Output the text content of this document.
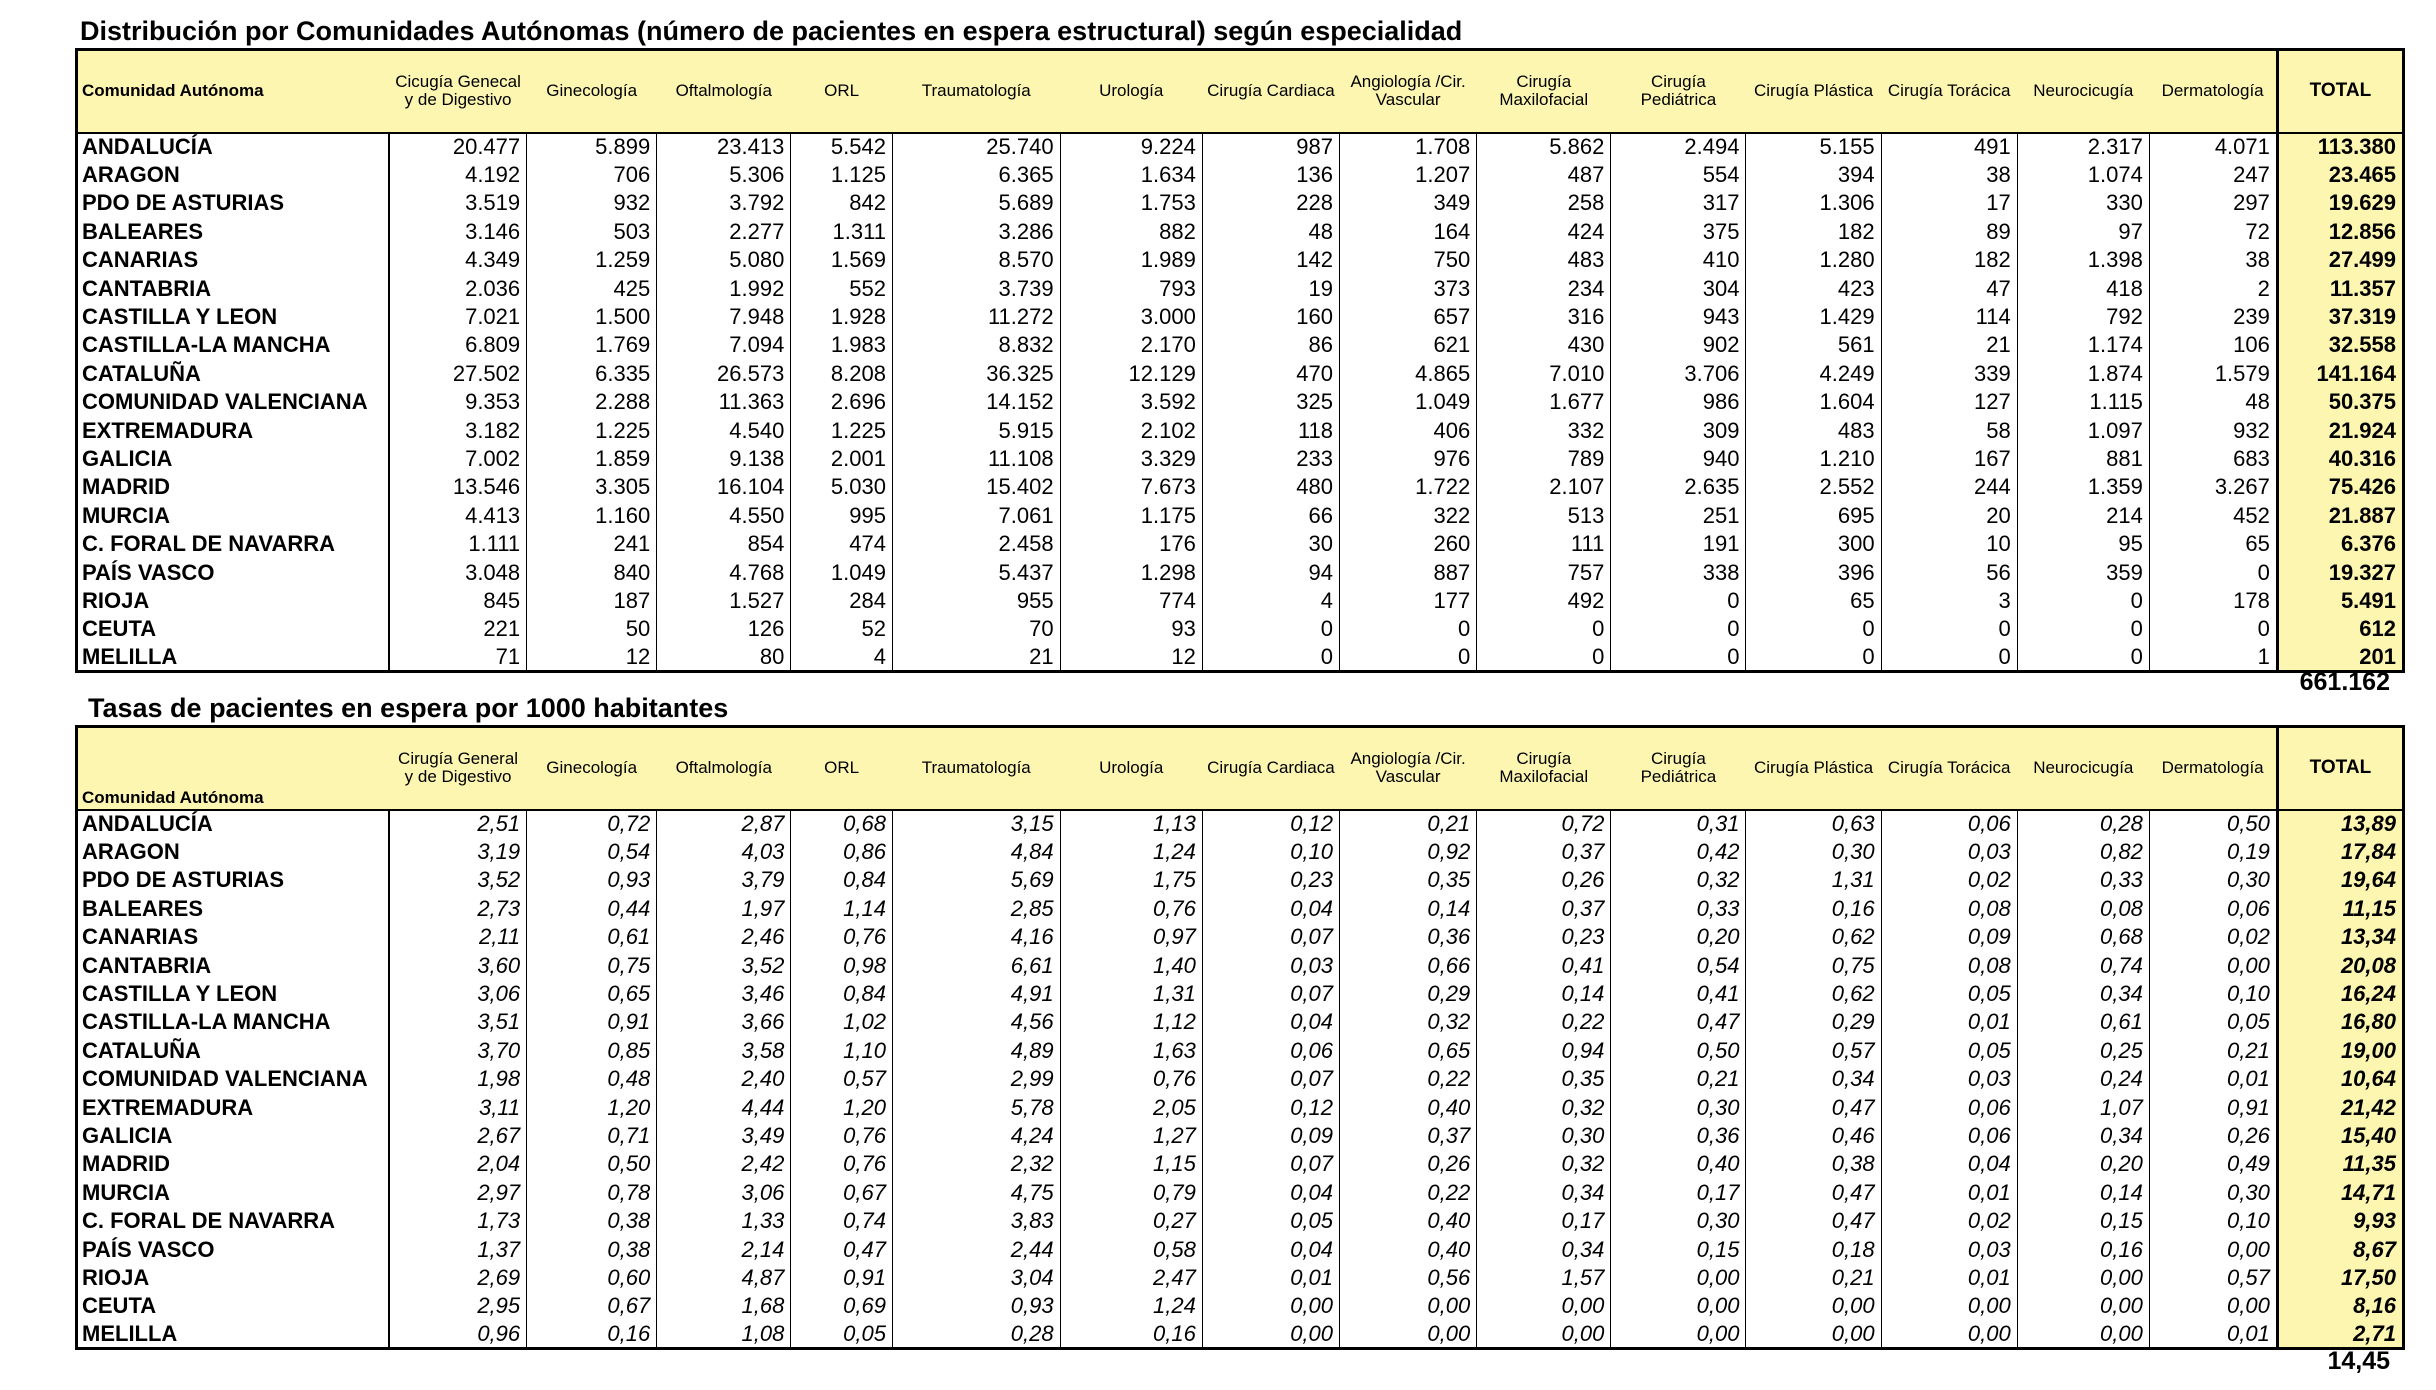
Distribución por Comunidades Autónomas (número de pacientes en espera estructural) según especialidad
Comunidad Autónoma	Cicugía Genecal y de Digestivo	Ginecología	Oftalmología	ORL	Traumatología	Urología	Cirugía Cardiaca	Angiología /Cir. Vascular	Cirugía Maxilofacial	Cirugía Pediátrica	Cirugía Plástica	Cirugía Torácica	Neurocicugía	Dermatología	TOTAL
ANDALUCÍA	20.477	5.899	23.413	5.542	25.740	9.224	987	1.708	5.862	2.494	5.155	491	2.317	4.071	113.380
ARAGON	4.192	706	5.306	1.125	6.365	1.634	136	1.207	487	554	394	38	1.074	247	23.465
PDO DE ASTURIAS	3.519	932	3.792	842	5.689	1.753	228	349	258	317	1.306	17	330	297	19.629
BALEARES	3.146	503	2.277	1.311	3.286	882	48	164	424	375	182	89	97	72	12.856
CANARIAS	4.349	1.259	5.080	1.569	8.570	1.989	142	750	483	410	1.280	182	1.398	38	27.499
CANTABRIA	2.036	425	1.992	552	3.739	793	19	373	234	304	423	47	418	2	11.357
CASTILLA Y LEON	7.021	1.500	7.948	1.928	11.272	3.000	160	657	316	943	1.429	114	792	239	37.319
CASTILLA-LA MANCHA	6.809	1.769	7.094	1.983	8.832	2.170	86	621	430	902	561	21	1.174	106	32.558
CATALUÑA	27.502	6.335	26.573	8.208	36.325	12.129	470	4.865	7.010	3.706	4.249	339	1.874	1.579	141.164
COMUNIDAD VALENCIANA	9.353	2.288	11.363	2.696	14.152	3.592	325	1.049	1.677	986	1.604	127	1.115	48	50.375
EXTREMADURA	3.182	1.225	4.540	1.225	5.915	2.102	118	406	332	309	483	58	1.097	932	21.924
GALICIA	7.002	1.859	9.138	2.001	11.108	3.329	233	976	789	940	1.210	167	881	683	40.316
MADRID	13.546	3.305	16.104	5.030	15.402	7.673	480	1.722	2.107	2.635	2.552	244	1.359	3.267	75.426
MURCIA	4.413	1.160	4.550	995	7.061	1.175	66	322	513	251	695	20	214	452	21.887
C. FORAL DE NAVARRA	1.111	241	854	474	2.458	176	30	260	111	191	300	10	95	65	6.376
PAÍS VASCO	3.048	840	4.768	1.049	5.437	1.298	94	887	757	338	396	56	359	0	19.327
RIOJA	845	187	1.527	284	955	774	4	177	492	0	65	3	0	178	5.491
CEUTA	221	50	126	52	70	93	0	0	0	0	0	0	0	0	612
MELILLA	71	12	80	4	21	12	0	0	0	0	0	0	0	1	201
661.162
Tasas de pacientes en espera por 1000 habitantes
Comunidad Autónoma	Cirugía General y de Digestivo	Ginecología	Oftalmología	ORL	Traumatología	Urología	Cirugía Cardiaca	Angiología /Cir. Vascular	Cirugía Maxilofacial	Cirugía Pediátrica	Cirugía Plástica	Cirugía Torácica	Neurocicugía	Dermatología	TOTAL
ANDALUCÍA	2,51	0,72	2,87	0,68	3,15	1,13	0,12	0,21	0,72	0,31	0,63	0,06	0,28	0,50	13,89
ARAGON	3,19	0,54	4,03	0,86	4,84	1,24	0,10	0,92	0,37	0,42	0,30	0,03	0,82	0,19	17,84
PDO DE ASTURIAS	3,52	0,93	3,79	0,84	5,69	1,75	0,23	0,35	0,26	0,32	1,31	0,02	0,33	0,30	19,64
BALEARES	2,73	0,44	1,97	1,14	2,85	0,76	0,04	0,14	0,37	0,33	0,16	0,08	0,08	0,06	11,15
CANARIAS	2,11	0,61	2,46	0,76	4,16	0,97	0,07	0,36	0,23	0,20	0,62	0,09	0,68	0,02	13,34
CANTABRIA	3,60	0,75	3,52	0,98	6,61	1,40	0,03	0,66	0,41	0,54	0,75	0,08	0,74	0,00	20,08
CASTILLA Y LEON	3,06	0,65	3,46	0,84	4,91	1,31	0,07	0,29	0,14	0,41	0,62	0,05	0,34	0,10	16,24
CASTILLA-LA MANCHA	3,51	0,91	3,66	1,02	4,56	1,12	0,04	0,32	0,22	0,47	0,29	0,01	0,61	0,05	16,80
CATALUÑA	3,70	0,85	3,58	1,10	4,89	1,63	0,06	0,65	0,94	0,50	0,57	0,05	0,25	0,21	19,00
COMUNIDAD VALENCIANA	1,98	0,48	2,40	0,57	2,99	0,76	0,07	0,22	0,35	0,21	0,34	0,03	0,24	0,01	10,64
EXTREMADURA	3,11	1,20	4,44	1,20	5,78	2,05	0,12	0,40	0,32	0,30	0,47	0,06	1,07	0,91	21,42
GALICIA	2,67	0,71	3,49	0,76	4,24	1,27	0,09	0,37	0,30	0,36	0,46	0,06	0,34	0,26	15,40
MADRID	2,04	0,50	2,42	0,76	2,32	1,15	0,07	0,26	0,32	0,40	0,38	0,04	0,20	0,49	11,35
MURCIA	2,97	0,78	3,06	0,67	4,75	0,79	0,04	0,22	0,34	0,17	0,47	0,01	0,14	0,30	14,71
C. FORAL DE NAVARRA	1,73	0,38	1,33	0,74	3,83	0,27	0,05	0,40	0,17	0,30	0,47	0,02	0,15	0,10	9,93
PAÍS VASCO	1,37	0,38	2,14	0,47	2,44	0,58	0,04	0,40	0,34	0,15	0,18	0,03	0,16	0,00	8,67
RIOJA	2,69	0,60	4,87	0,91	3,04	2,47	0,01	0,56	1,57	0,00	0,21	0,01	0,00	0,57	17,50
CEUTA	2,95	0,67	1,68	0,69	0,93	1,24	0,00	0,00	0,00	0,00	0,00	0,00	0,00	0,00	8,16
MELILLA	0,96	0,16	1,08	0,05	0,28	0,16	0,00	0,00	0,00	0,00	0,00	0,00	0,00	0,01	2,71
14,45
